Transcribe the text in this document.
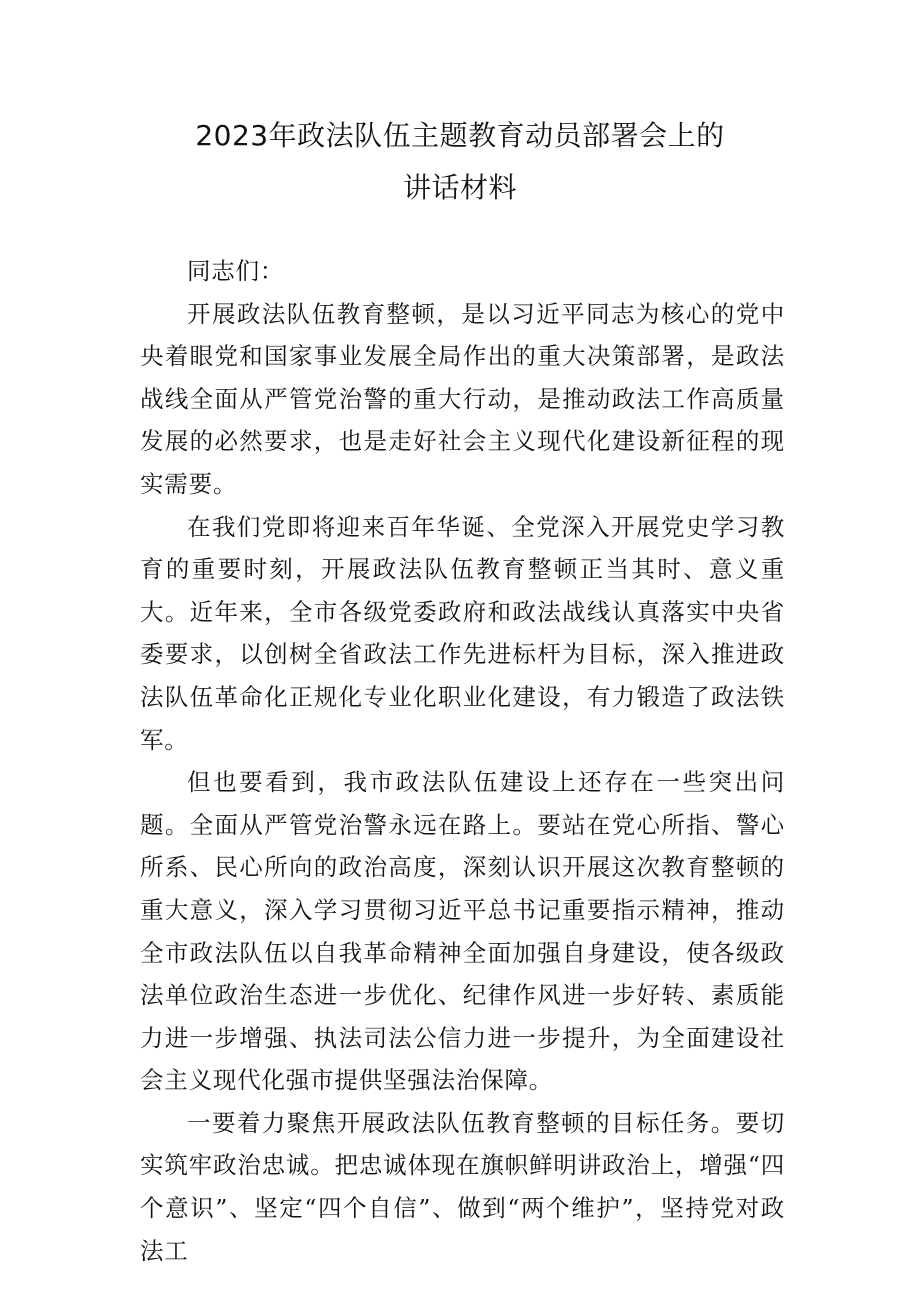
2023年政法队伍主题教育动员部署会上的
讲话材料

同志们：

开展政法队伍教育整顿，是以习近平同志为核心的党中央着眼党和国家事业发展全局作出的重大决策部署，是政法战线全面从严管党治警的重大行动，是推动政法工作高质量发展的必然要求，也是走好社会主义现代化建设新征程的现实需要。

在我们党即将迎来百年华诞、全党深入开展党史学习教育的重要时刻，开展政法队伍教育整顿正当其时、意义重大。近年来，全市各级党委政府和政法战线认真落实中央省委要求，以创树全省政法工作先进标杆为目标，深入推进政法队伍革命化正规化专业化职业化建设，有力锻造了政法铁军。

但也要看到，我市政法队伍建设上还存在一些突出问题。全面从严管党治警永远在路上。要站在党心所指、警心所系、民心所向的政治高度，深刻认识开展这次教育整顿的重大意义，深入学习贯彻习近平总书记重要指示精神，推动全市政法队伍以自我革命精神全面加强自身建设，使各级政法单位政治生态进一步优化、纪律作风进一步好转、素质能力进一步增强、执法司法公信力进一步提升，为全面建设社会主义现代化强市提供坚强法治保障。

一要着力聚焦开展政法队伍教育整顿的目标任务。要切实筑牢政治忠诚。把忠诚体现在旗帜鲜明讲政治上，增强“四个意识”、坚定“四个自信”、做到“两个维护”，坚持党对政法工
